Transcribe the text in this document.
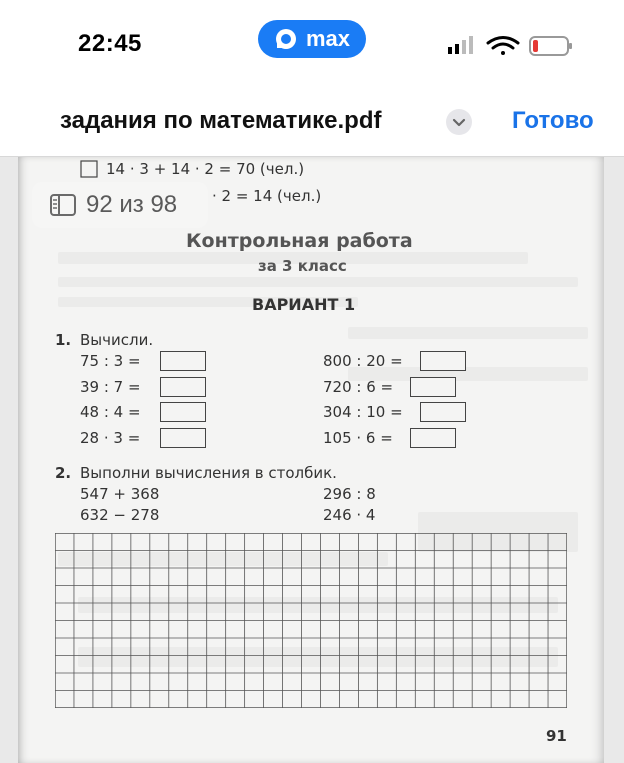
22:45	max
задания по математике.pdf	Готово
14 · 3 + 14 · 2 = 70 (чел.)
· 2 = 14 (чел.)
92 из 98
Контрольная работа
за 3 класс
ВАРИАНТ 1
1. Вычисли.
75 : 3 =
39 : 7 =
48 : 4 =
28 · 3 =
800 : 20 =
720 : 6 =
304 : 10 =
105 · 6 =
2. Выполни вычисления в столбик.
547 + 368
632 − 278
296 : 8
246 · 4
91
